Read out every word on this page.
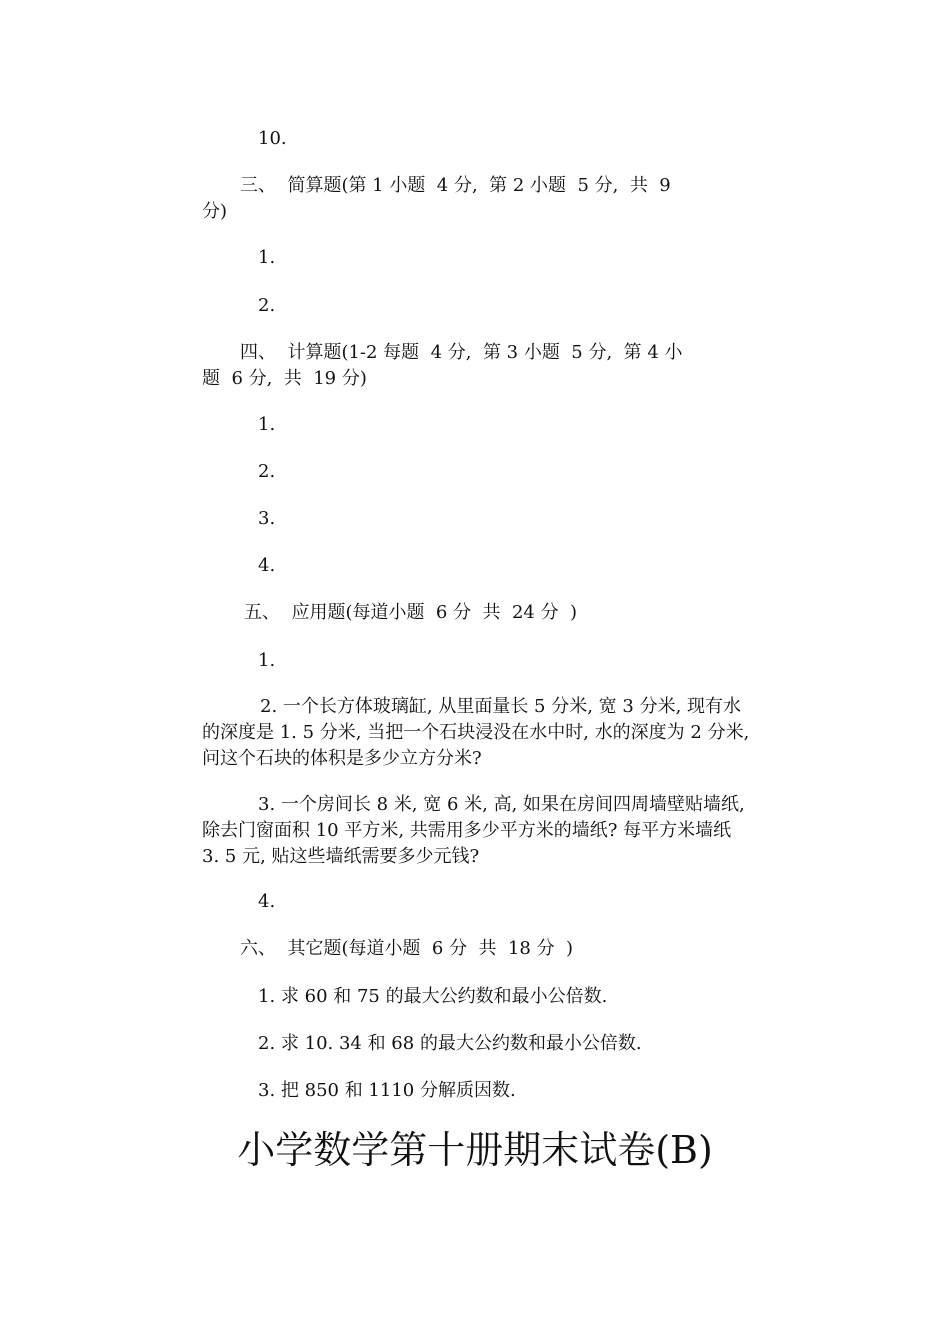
10.
三、  简算题(第 1 小题  4 分,  第 2 小题  5 分,  共  9
分)
1.
2.
四、  计算题(1-2 每题  4 分,  第 3 小题  5 分,  第 4 小
题  6 分,  共  19 分)
1.
2.
3.
4.
五、  应用题(每道小题  6 分  共  24 分  )
1.
2. 一个长方体玻璃缸, 从里面量长 5 分米, 宽 3 分米, 现有水的深度是 1. 5 分米, 当把一个石块浸没在水中时, 水的深度为 2 分米, 问这个石块的体积是多少立方分米?
3. 一个房间长 8 米, 宽 6 米, 高, 如果在房间四周墙壁贴墙纸, 除去门窗面积 10 平方米, 共需用多少平方米的墙纸? 每平方米墙纸 3. 5 元, 贴这些墙纸需要多少元钱?
4.
六、  其它题(每道小题  6 分  共  18 分  )
1. 求 60 和 75 的最大公约数和最小公倍数.
2. 求 10. 34 和 68 的最大公约数和最小公倍数.
3. 把 850 和 1110 分解质因数.
小学数学第十册期末试卷(B)
